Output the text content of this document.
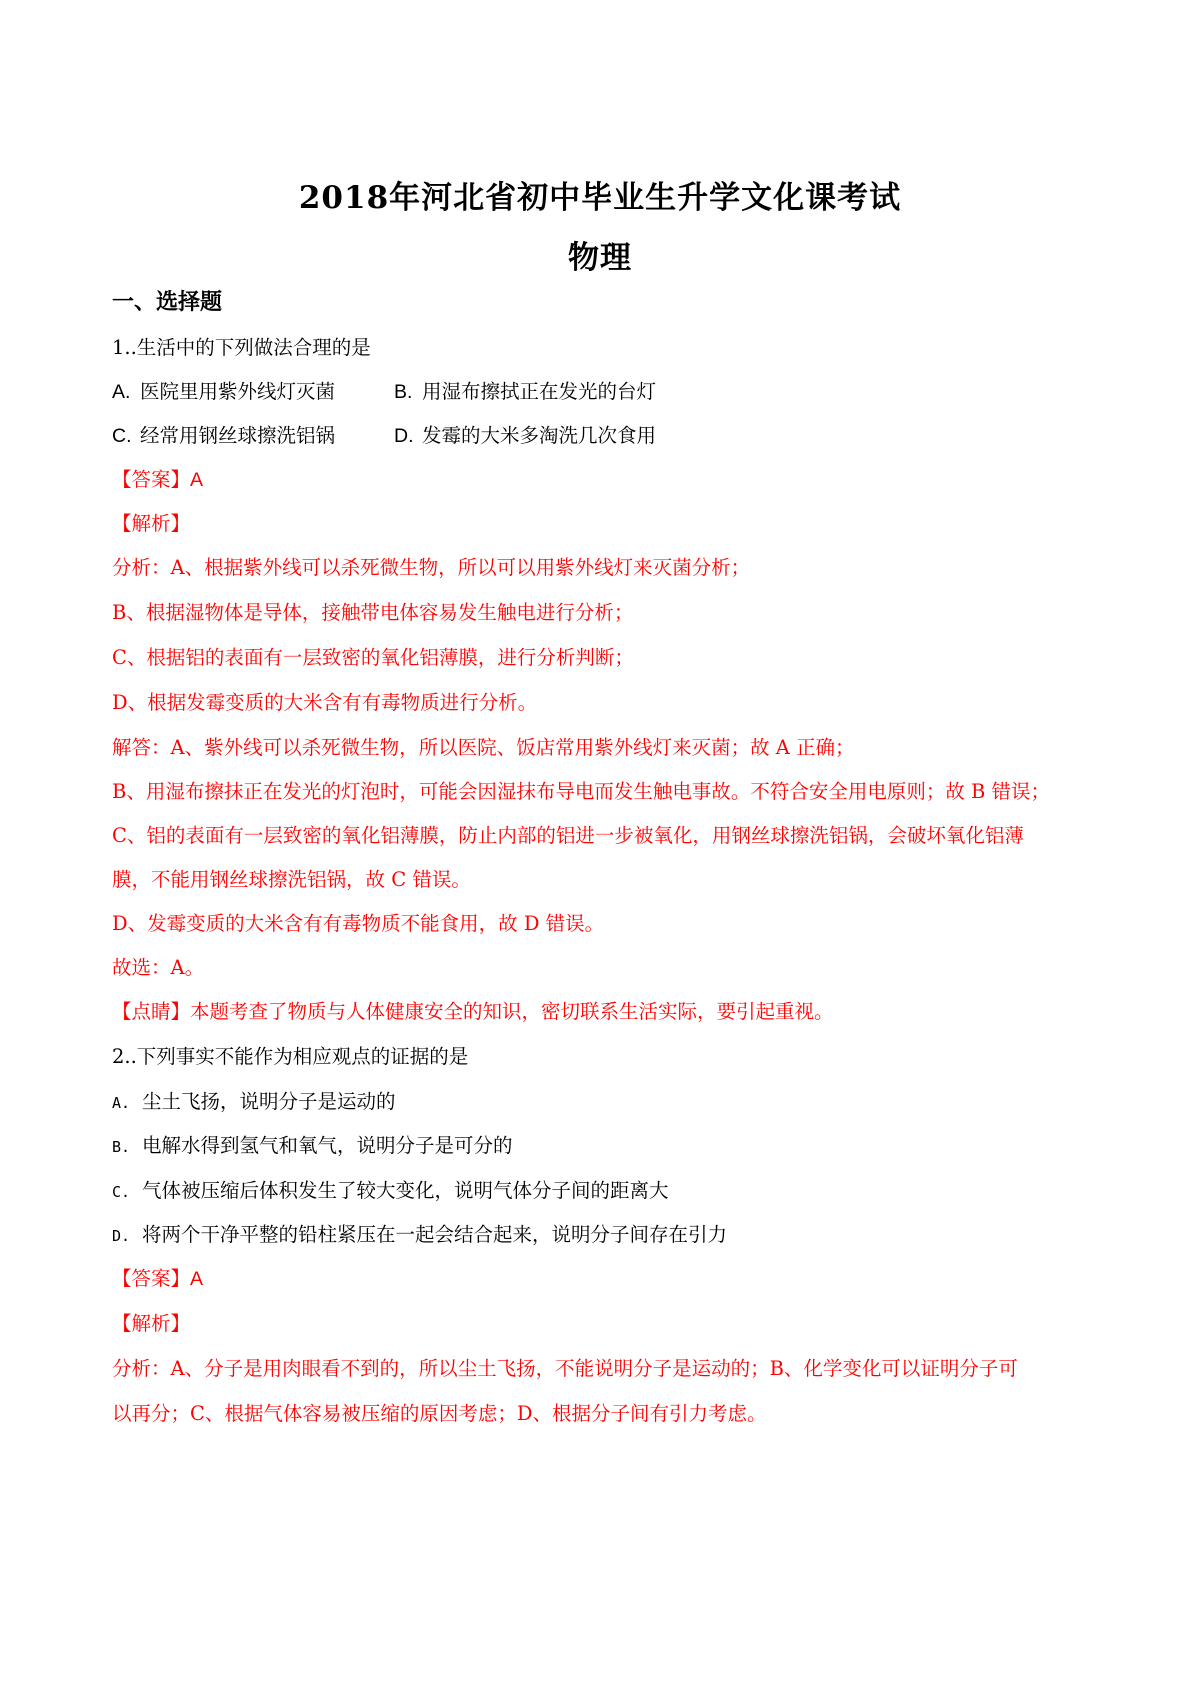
2018年河北省初中毕业生升学文化课考试
物理
一、选择题
1..生活中的下列做法合理的是
A. 医院里用紫外线灯灭菌	B. 用湿布擦拭正在发光的台灯
C. 经常用钢丝球擦洗铝锅	D. 发霉的大米多淘洗几次食用
【答案】A
【解析】
分析：A、根据紫外线可以杀死微生物，所以可以用紫外线灯来灭菌分析；
B、根据湿物体是导体，接触带电体容易发生触电进行分析；
C、根据铝的表面有一层致密的氧化铝薄膜，进行分析判断；
D、根据发霉变质的大米含有有毒物质进行分析。
解答：A、紫外线可以杀死微生物，所以医院、饭店常用紫外线灯来灭菌；故 A 正确；
B、用湿布擦抹正在发光的灯泡时，可能会因湿抹布导电而发生触电事故。不符合安全用电原则；故 B 错误；
C、铝的表面有一层致密的氧化铝薄膜，防止内部的铝进一步被氧化，用钢丝球擦洗铝锅，会破坏氧化铝薄
膜，不能用钢丝球擦洗铝锅，故 C 错误。
D、发霉变质的大米含有有毒物质不能食用，故 D 错误。
故选：A。
【点睛】本题考查了物质与人体健康安全的知识，密切联系生活实际，要引起重视。
2..下列事实不能作为相应观点的证据的是
A. 尘土飞扬，说明分子是运动的
B. 电解水得到氢气和氧气，说明分子是可分的
C. 气体被压缩后体积发生了较大变化，说明气体分子间的距离大
D. 将两个干净平整的铅柱紧压在一起会结合起来，说明分子间存在引力
【答案】A
【解析】
分析：A、分子是用肉眼看不到的，所以尘土飞扬，不能说明分子是运动的；B、化学变化可以证明分子可
以再分；C、根据气体容易被压缩的原因考虑；D、根据分子间有引力考虑。
